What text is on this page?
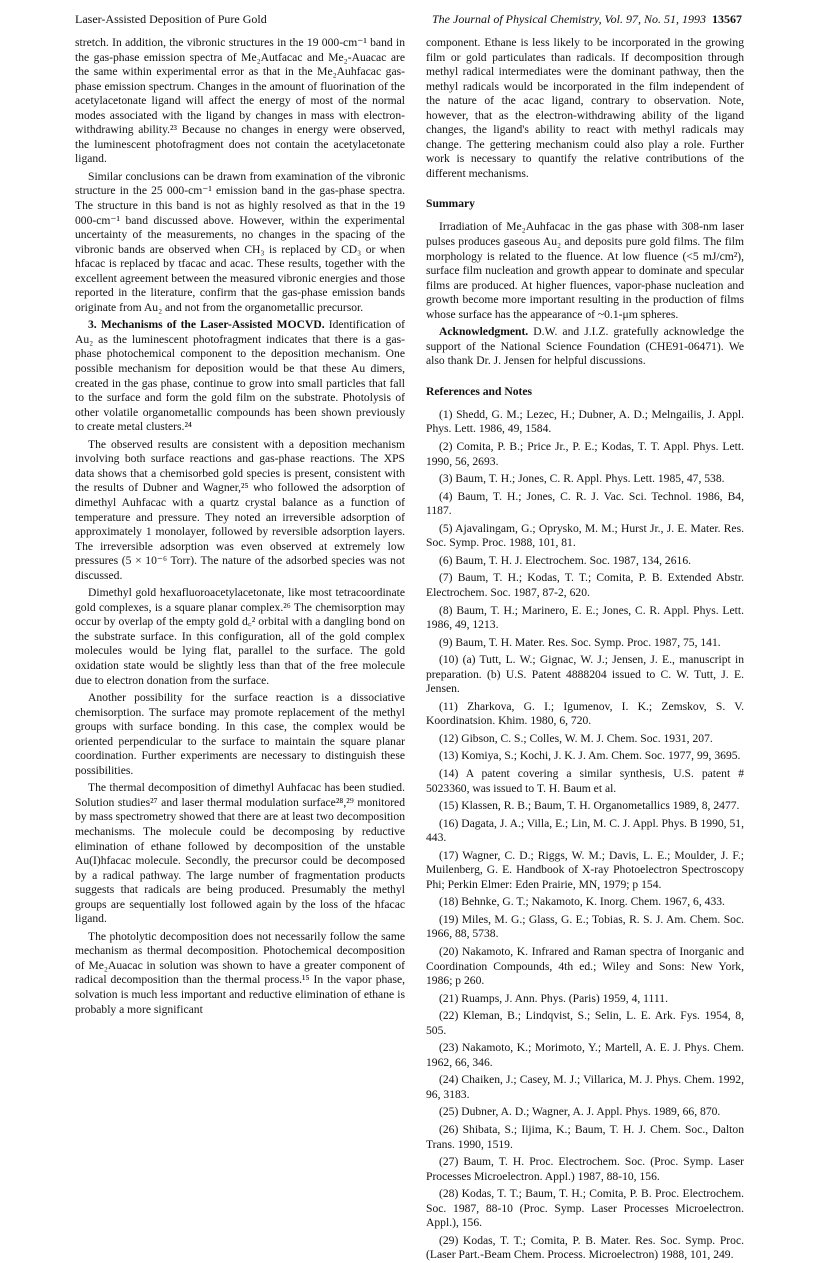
Laser-Assisted Deposition of Pure Gold	The Journal of Physical Chemistry, Vol. 97, No. 51, 1993 13567

stretch. In addition, the vibronic structures in the 19 000-cm⁻¹ band in the gas-phase emission spectra of Me₂Autfacac and Me₂-Auacac are the same within experimental error as that in the Me₂Auhfacac gas-phase emission spectrum. Changes in the amount of fluorination of the acetylacetonate ligand will affect the energy of most of the normal modes associated with the ligand by changes in mass with electron-withdrawing ability.²³ Because no changes in energy were observed, the luminescent photofragment does not contain the acetylacetonate ligand.

Similar conclusions can be drawn from examination of the vibronic structure in the 25 000-cm⁻¹ emission band in the gas-phase spectra. The structure in this band is not as highly resolved as that in the 19 000-cm⁻¹ band discussed above. However, within the experimental uncertainty of the measurements, no changes in the spacing of the vibronic bands are observed when CH₃ is replaced by CD₃ or when hfacac is replaced by tfacac and acac. These results, together with the excellent agreement between the measured vibronic energies and those reported in the literature, confirm that the gas-phase emission bands originate from Au₂ and not from the organometallic precursor.

3. Mechanisms of the Laser-Assisted MOCVD. Identification of Au₂ as the luminescent photofragment indicates that there is a gas-phase photochemical component to the deposition mechanism. One possible mechanism for deposition would be that these Au dimers, created in the gas phase, continue to grow into small particles that fall to the surface and form the gold film on the substrate. Photolysis of other volatile organometallic compounds has been shown previously to create metal clusters.²⁴

The observed results are consistent with a deposition mechanism involving both surface reactions and gas-phase reactions. The XPS data shows that a chemisorbed gold species is present, consistent with the results of Dubner and Wagner,²⁵ who followed the adsorption of dimethyl Auhfacac with a quartz crystal balance as a function of temperature and pressure. They noted an irreversible adsorption of approximately 1 monolayer, followed by reversible adsorption layers. The irreversible adsorption was even observed at extremely low pressures (5 × 10⁻⁶ Torr). The nature of the adsorbed species was not discussed.

Dimethyl gold hexafluoroacetylacetonate, like most tetracoordinate gold complexes, is a square planar complex.²⁶ The chemisorption may occur by overlap of the empty gold d꜀² orbital with a dangling bond on the substrate surface. In this configuration, all of the gold complex molecules would be lying flat, parallel to the surface. The gold oxidation state would be slightly less than that of the free molecule due to electron donation from the surface.

Another possibility for the surface reaction is a dissociative chemisorption. The surface may promote replacement of the methyl groups with surface bonding. In this case, the complex would be oriented perpendicular to the surface to maintain the square planar coordination. Further experiments are necessary to distinguish these possibilities.

The thermal decomposition of dimethyl Auhfacac has been studied. Solution studies²⁷ and laser thermal modulation surface²⁸,²⁹ monitored by mass spectrometry showed that there are at least two decomposition mechanisms. The molecule could be decomposing by reductive elimination of ethane followed by decomposition of the unstable Au(I)hfacac molecule. Secondly, the precursor could be decomposed by a radical pathway. The large number of fragmentation products suggests that radicals are being produced. Presumably the methyl groups are sequentially lost followed again by the loss of the hfacac ligand.

The photolytic decomposition does not necessarily follow the same mechanism as thermal decomposition. Photochemical decomposition of Me₂Auacac in solution was shown to have a greater component of radical decomposition than the thermal process.¹⁵ In the vapor phase, solvation is much less important and reductive elimination of ethane is probably a more significant

component. Ethane is less likely to be incorporated in the growing film or gold particulates than radicals. If decomposition through methyl radical intermediates were the dominant pathway, then the methyl radicals would be incorporated in the film independent of the nature of the acac ligand, contrary to observation. Note, however, that as the electron-withdrawing ability of the ligand changes, the ligand's ability to react with methyl radicals may change. The gettering mechanism could also play a role. Further work is necessary to quantify the relative contributions of the different mechanisms.

Summary

Irradiation of Me₂Auhfacac in the gas phase with 308-nm laser pulses produces gaseous Au₂ and deposits pure gold films. The film morphology is related to the fluence. At low fluence (<5 mJ/cm²), surface film nucleation and growth appear to dominate and specular films are produced. At higher fluences, vapor-phase nucleation and growth become more important resulting in the production of films whose surface has the appearance of ~0.1-μm spheres.

Acknowledgment. D.W. and J.I.Z. gratefully acknowledge the support of the National Science Foundation (CHE91-06471). We also thank Dr. J. Jensen for helpful discussions.

References and Notes

(1) Shedd, G. M.; Lezec, H.; Dubner, A. D.; Melngailis, J. Appl. Phys. Lett. 1986, 49, 1584.

(2) Comita, P. B.; Price Jr., P. E.; Kodas, T. T. Appl. Phys. Lett. 1990, 56, 2693.

(3) Baum, T. H.; Jones, C. R. Appl. Phys. Lett. 1985, 47, 538.

(4) Baum, T. H.; Jones, C. R. J. Vac. Sci. Technol. 1986, B4, 1187.

(5) Ajavalingam, G.; Oprysko, M. M.; Hurst Jr., J. E. Mater. Res. Soc. Symp. Proc. 1988, 101, 81.

(6) Baum, T. H. J. Electrochem. Soc. 1987, 134, 2616.

(7) Baum, T. H.; Kodas, T. T.; Comita, P. B. Extended Abstr. Electrochem. Soc. 1987, 87-2, 620.

(8) Baum, T. H.; Marinero, E. E.; Jones, C. R. Appl. Phys. Lett. 1986, 49, 1213.

(9) Baum, T. H. Mater. Res. Soc. Symp. Proc. 1987, 75, 141.

(10) (a) Tutt, L. W.; Gignac, W. J.; Jensen, J. E., manuscript in preparation. (b) U.S. Patent 4888204 issued to C. W. Tutt, J. E. Jensen.

(11) Zharkova, G. I.; Igumenov, I. K.; Zemskov, S. V. Koordinatsion. Khim. 1980, 6, 720.

(12) Gibson, C. S.; Colles, W. M. J. Chem. Soc. 1931, 207.

(13) Komiya, S.; Kochi, J. K. J. Am. Chem. Soc. 1977, 99, 3695.

(14) A patent covering a similar synthesis, U.S. patent # 5023360, was issued to T. H. Baum et al.

(15) Klassen, R. B.; Baum, T. H. Organometallics 1989, 8, 2477.

(16) Dagata, J. A.; Villa, E.; Lin, M. C. J. Appl. Phys. B 1990, 51, 443.

(17) Wagner, C. D.; Riggs, W. M.; Davis, L. E.; Moulder, J. F.; Muilenberg, G. E. Handbook of X-ray Photoelectron Spectroscopy Phi; Perkin Elmer: Eden Prairie, MN, 1979; p 154.

(18) Behnke, G. T.; Nakamoto, K. Inorg. Chem. 1967, 6, 433.

(19) Miles, M. G.; Glass, G. E.; Tobias, R. S. J. Am. Chem. Soc. 1966, 88, 5738.

(20) Nakamoto, K. Infrared and Raman spectra of Inorganic and Coordination Compounds, 4th ed.; Wiley and Sons: New York, 1986; p 260.

(21) Ruamps, J. Ann. Phys. (Paris) 1959, 4, 1111.

(22) Kleman, B.; Lindqvist, S.; Selin, L. E. Ark. Fys. 1954, 8, 505.

(23) Nakamoto, K.; Morimoto, Y.; Martell, A. E. J. Phys. Chem. 1962, 66, 346.

(24) Chaiken, J.; Casey, M. J.; Villarica, M. J. Phys. Chem. 1992, 96, 3183.

(25) Dubner, A. D.; Wagner, A. J. Appl. Phys. 1989, 66, 870.

(26) Shibata, S.; Iijima, K.; Baum, T. H. J. Chem. Soc., Dalton Trans. 1990, 1519.

(27) Baum, T. H. Proc. Electrochem. Soc. (Proc. Symp. Laser Processes Microelectron. Appl.) 1987, 88-10, 156.

(28) Kodas, T. T.; Baum, T. H.; Comita, P. B. Proc. Electrochem. Soc. 1987, 88-10 (Proc. Symp. Laser Processes Microelectron. Appl.), 156.

(29) Kodas, T. T.; Comita, P. B. Mater. Res. Soc. Symp. Proc. (Laser Part.-Beam Chem. Process. Microelectron) 1988, 101, 249.
